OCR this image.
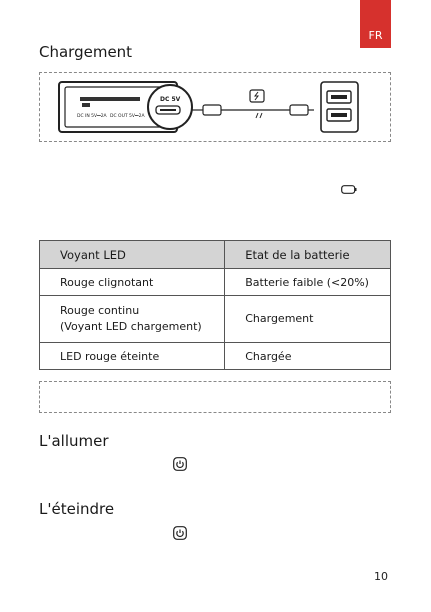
FR
Chargement
DC IN 5V⎓2A DC OUT 5V⎓2A
DC 5V
Voyant LED	Etat de la batterie
Rouge clignotant	Batterie faible (<20%)
Rouge continu
(Voyant LED chargement)	Chargement
LED rouge éteinte	Chargée
L'allumer
L'éteindre
10
